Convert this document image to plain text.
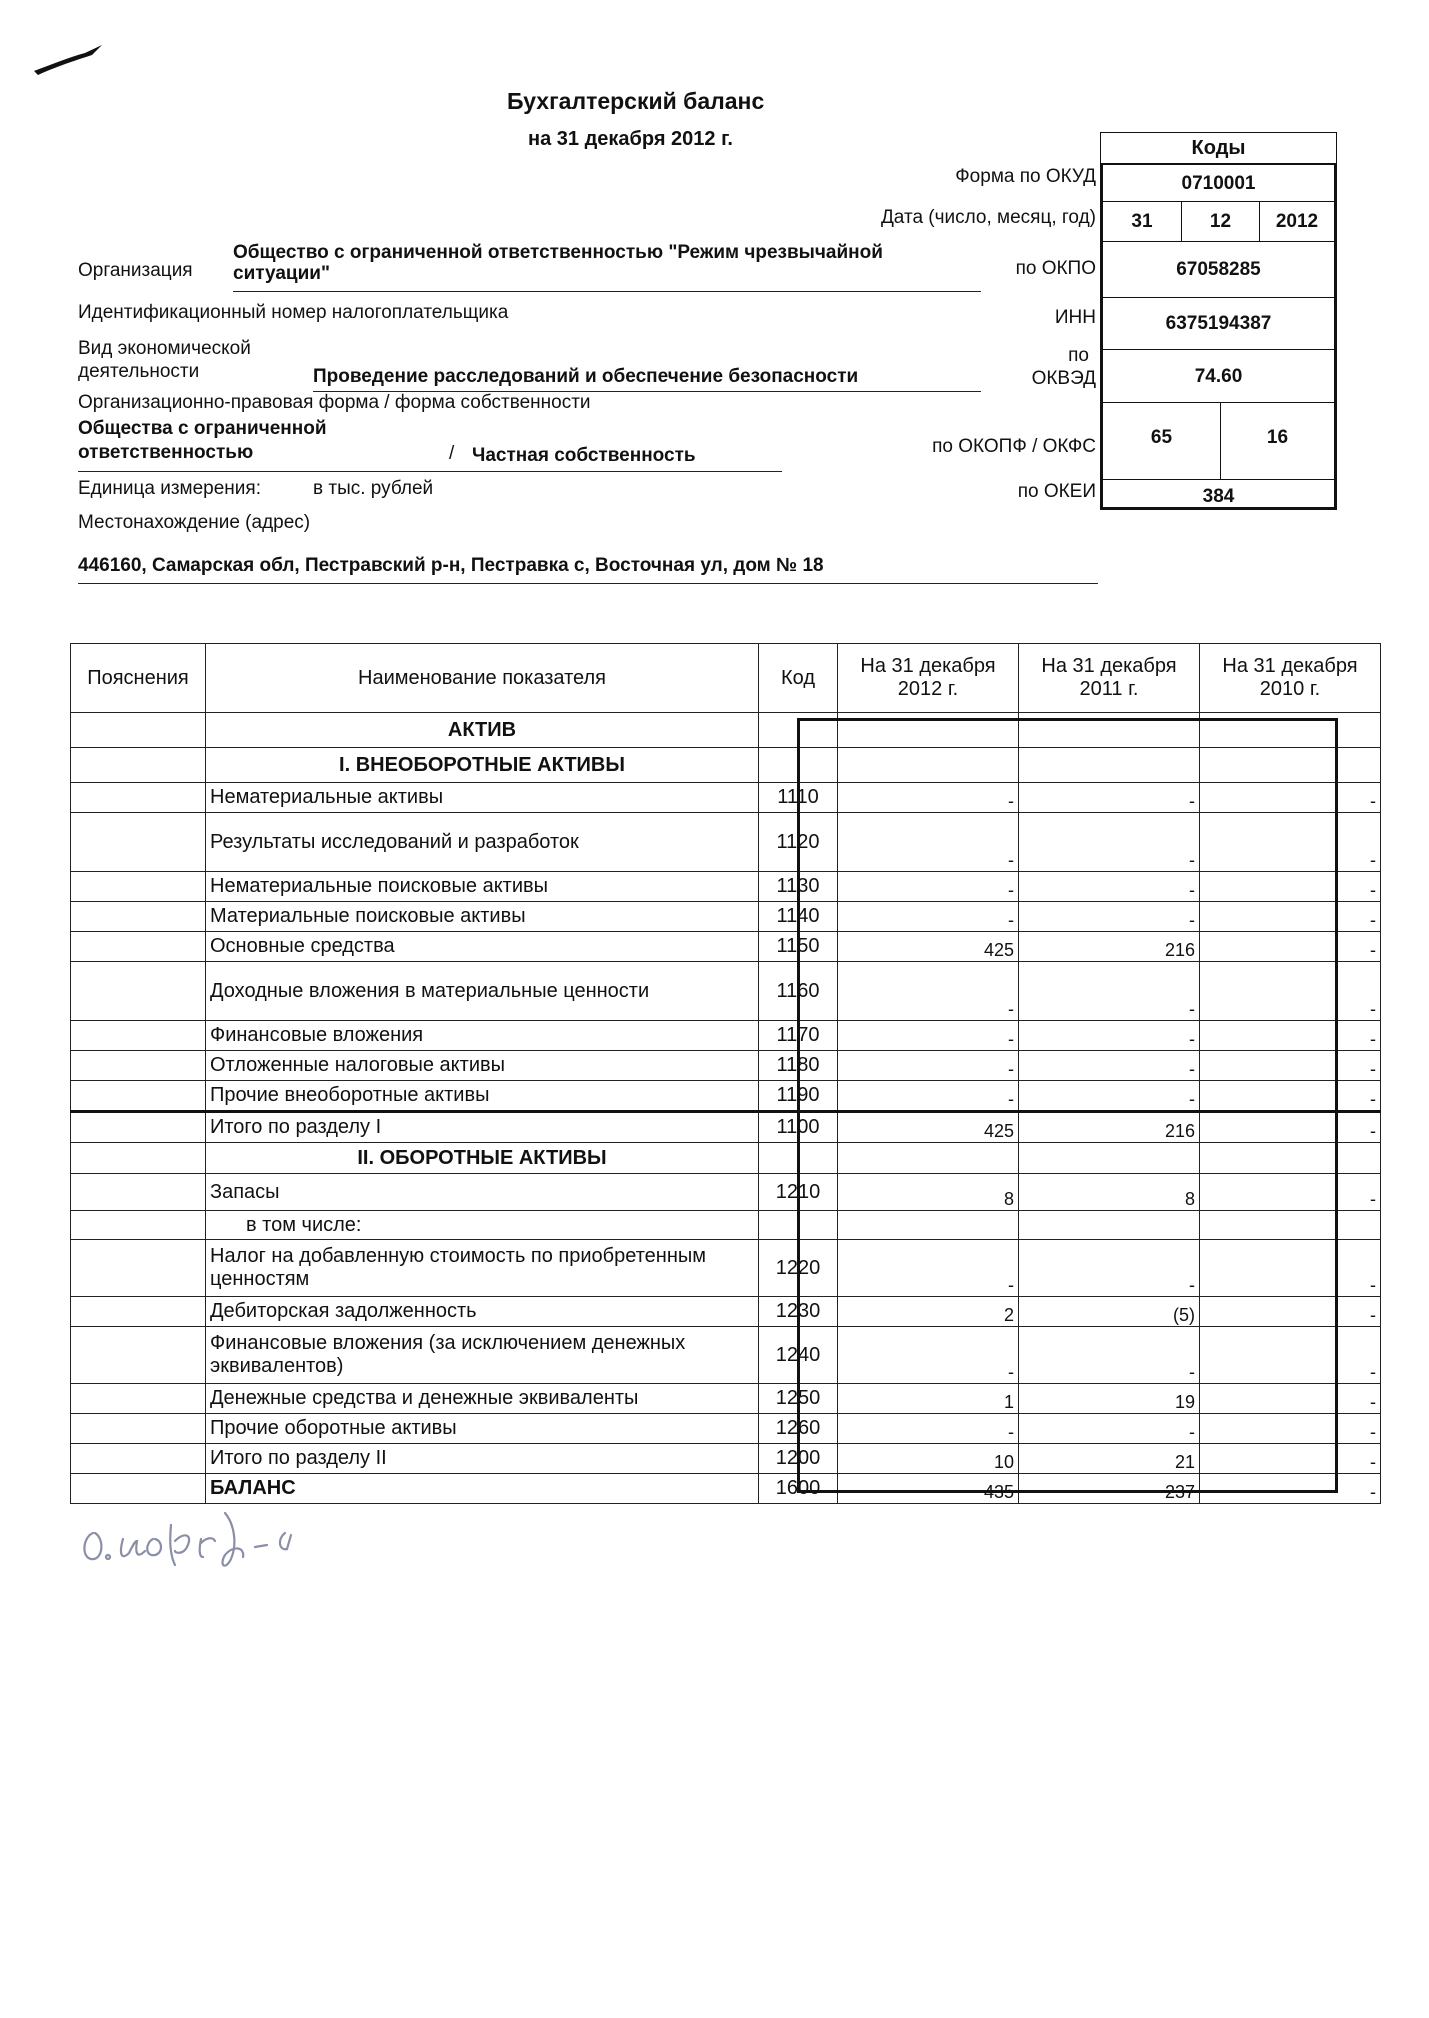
Бухгалтерский баланс
на 31 декабря 2012 г.
Форма по ОКУД
Дата (число, месяц, год)
по ОКПО
ИНН
по
ОКВЭД
по ОКОПФ / ОКФС
по ОКЕИ
Коды
0710001
31	12	2012
67058285
6375194387
74.60
65	16
384
Организация
Общество с ограниченной ответственностью "Режим чрезвычайной
ситуации"
Идентификационный номер налогоплательщика
Вид экономической
деятельности	Проведение расследований и обеспечение безопасности
Организационно-правовая форма / форма собственности
Общества с ограниченной
ответственностью	/ Частная собственность
Единица измерения:	в тыс. рублей
Местонахождение (адрес)
446160, Самарская обл, Пестравский р-н, Пестравка с, Восточная ул, дом № 18
Пояснения	Наименование показателя	Код	На 31 декабря 2012 г.	На 31 декабря 2011 г.	На 31 декабря 2010 г.
	АКТИВ				
	I. ВНЕОБОРОТНЫЕ АКТИВЫ				
	Нематериальные активы	1110	-	-	-
	Результаты исследований и разработок	1120	-	-	-
	Нематериальные поисковые активы	1130	-	-	-
	Материальные поисковые активы	1140	-	-	-
	Основные средства	1150	425	216	-
	Доходные вложения в материальные ценности	1160	-	-	-
	Финансовые вложения	1170	-	-	-
	Отложенные налоговые активы	1180	-	-	-
	Прочие внеоборотные активы	1190	-	-	-
	Итого по разделу I	1100	425	216	-
	II. ОБОРОТНЫЕ АКТИВЫ				
	Запасы	1210	8	8	-
	в том числе:				
	Налог на добавленную стоимость по приобретенным ценностям	1220	-	-	-
	Дебиторская задолженность	1230	2	(5)	-
	Финансовые вложения (за исключением денежных эквивалентов)	1240	-	-	-
	Денежные средства и денежные эквиваленты	1250	1	19	-
	Прочие оборотные активы	1260	-	-	-
	Итого по разделу II	1200	10	21	-
	БАЛАНС	1600	435	237	-
